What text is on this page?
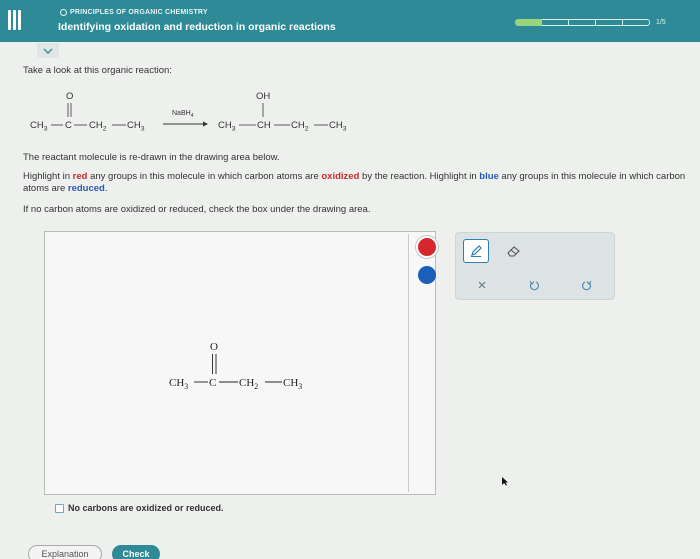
PRINCIPLES OF ORGANIC CHEMISTRY
Identifying oxidation and reduction in organic reactions	1/5
Take a look at this organic reaction:
$CH_3$ C
O
$CH_2$ $CH_3$
NaBH$_4$
$CH_3$ CH
OH
$CH_2$ $CH_3$
The reactant molecule is re-drawn in the drawing area below.
Highlight in red any groups in this molecule in which carbon atoms are oxidized by the reaction. Highlight in blue any groups in this molecule in which carbon
atoms are reduced.
If no carbon atoms are oxidized or reduced, check the box under the drawing area.
$CH_3$ C
O
$CH_2$ $CH_3$
No carbons are oxidized or reduced.
Explanation	Check
